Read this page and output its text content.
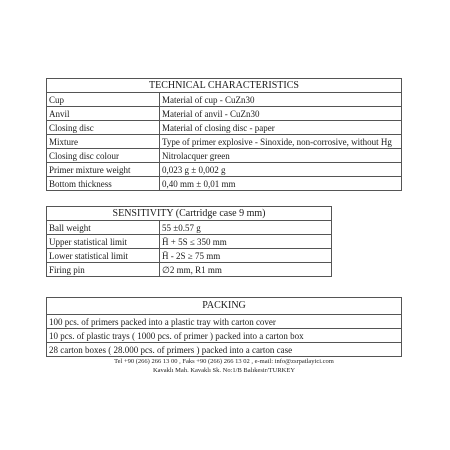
TECHNICAL CHARACTERISTICS	
Cup	Material of cup - CuZn30
Anvil	Material of anvil - CuZn30
Closing disc	Material of closing disc - paper
Mixture	Type of primer explosive - Sinoxide, non-corrosive, without Hg
Closing disc colour	Nitrolacquer green
Primer mixture weight	0,023 g ± 0,002 g
Bottom thickness	0,40 mm ± 0,01 mm
SENSITIVITY (Cartridge case 9 mm)	
Ball weight	55 ±0.57 g
Upper statistical limit	H̄ + 5S ≤ 350 mm
Lower statistical limit	H̄ - 2S ≥ 75 mm
Firing pin	∅2 mm, R1 mm
PACKING
100 pcs. of primers packed into a plastic tray with carton cover
10 pcs. of plastic trays ( 1000 pcs. of primer ) packed into a carton box
28 carton boxes ( 28.000 pcs. of primers ) packed into a carton case
Tel +90 (266) 266 13 00 , Faks +90 (266) 266 13 02 , e-mail: info@zsrpatlayici.com
Kavaklı Mah. Kavaklı Sk. No:1/B Balıkesir/TURKEY
